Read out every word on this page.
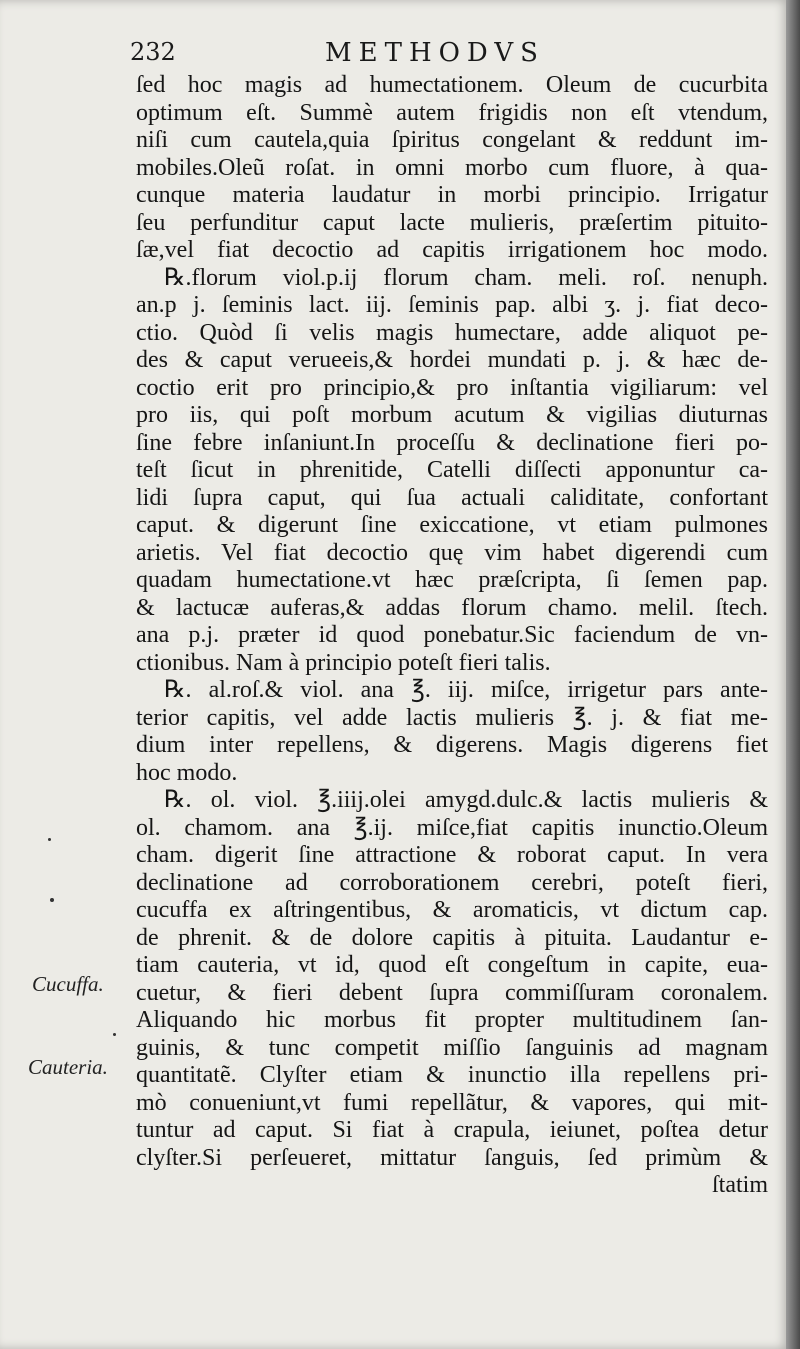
232	METHODVS
ſed hoc magis ad humectationem. Oleum de cucurbita
optimum eſt. Summè autem frigidis non eſt vtendum,
niſi cum cautela,quia ſpiritus congelant & reddunt im-
mobiles.Oleũ roſat. in omni morbo cum fluore, à qua-
cunque materia laudatur in morbi principio. Irrigatur
ſeu perfunditur caput lacte mulieris, præſertim pituito-
ſæ,vel fiat decoctio ad capitis irrigationem hoc modo.
℞.florum viol.p.ij florum cham. meli. roſ. nenuph.
an.p j. ſeminis lact. iij. ſeminis pap. albi ʒ. j. fiat deco-
ctio. Quòd ſi velis magis humectare, adde aliquot pe-
des & caput verueeis,& hordei mundati p. j. & hæc de-
coctio erit pro principio,& pro inſtantia vigiliarum: vel
pro iis, qui poſt morbum acutum & vigilias diuturnas
ſine febre inſaniunt.In proceſſu & declinatione fieri po-
teſt ſicut in phrenitide, Catelli diſſecti apponuntur ca-
lidi ſupra caput, qui ſua actuali caliditate, confortant
caput. & digerunt ſine exiccatione, vt etiam pulmones
arietis. Vel fiat decoctio quę vim habet digerendi cum
quadam humectatione.vt hæc præſcripta, ſi ſemen pap.
& lactucæ auferas,& addas florum chamo. melil. ſtech.
ana p.j. præter id quod ponebatur.Sic faciendum de vn-
ctionibus. Nam à principio poteſt fieri talis.
℞. al.roſ.& viol. ana ℥. iij. miſce, irrigetur pars ante-
terior capitis, vel adde lactis mulieris ℥. j. & fiat me-
dium inter repellens, & digerens. Magis digerens fiet
hoc modo.
℞. ol. viol. ℥.iiij.olei amygd.dulc.& lactis mulieris &
ol. chamom. ana ℥.ij. miſce,fiat capitis inunctio.Oleum
cham. digerit ſine attractione & roborat caput. In vera
declinatione ad corroborationem cerebri, poteſt fieri,
cucuffa ex aſtringentibus, & aromaticis, vt dictum cap.
de phrenit. & de dolore capitis à pituita. Laudantur e-
tiam cauteria, vt id, quod eſt congeſtum in capite, eua-
cuetur, & fieri debent ſupra commiſſuram coronalem.
Aliquando hic morbus fit propter multitudinem ſan-
guinis, & tunc competit miſſio ſanguinis ad magnam
quantitatẽ. Clyſter etiam & inunctio illa repellens pri-
mò conueniunt,vt fumi repellãtur, & vapores, qui mit-
tuntur ad caput. Si fiat à crapula, ieiunet, poſtea detur
clyſter.Si perſeueret, mittatur ſanguis, ſed primùm &
ſtatim
Cucuffa.
Cauteria.
